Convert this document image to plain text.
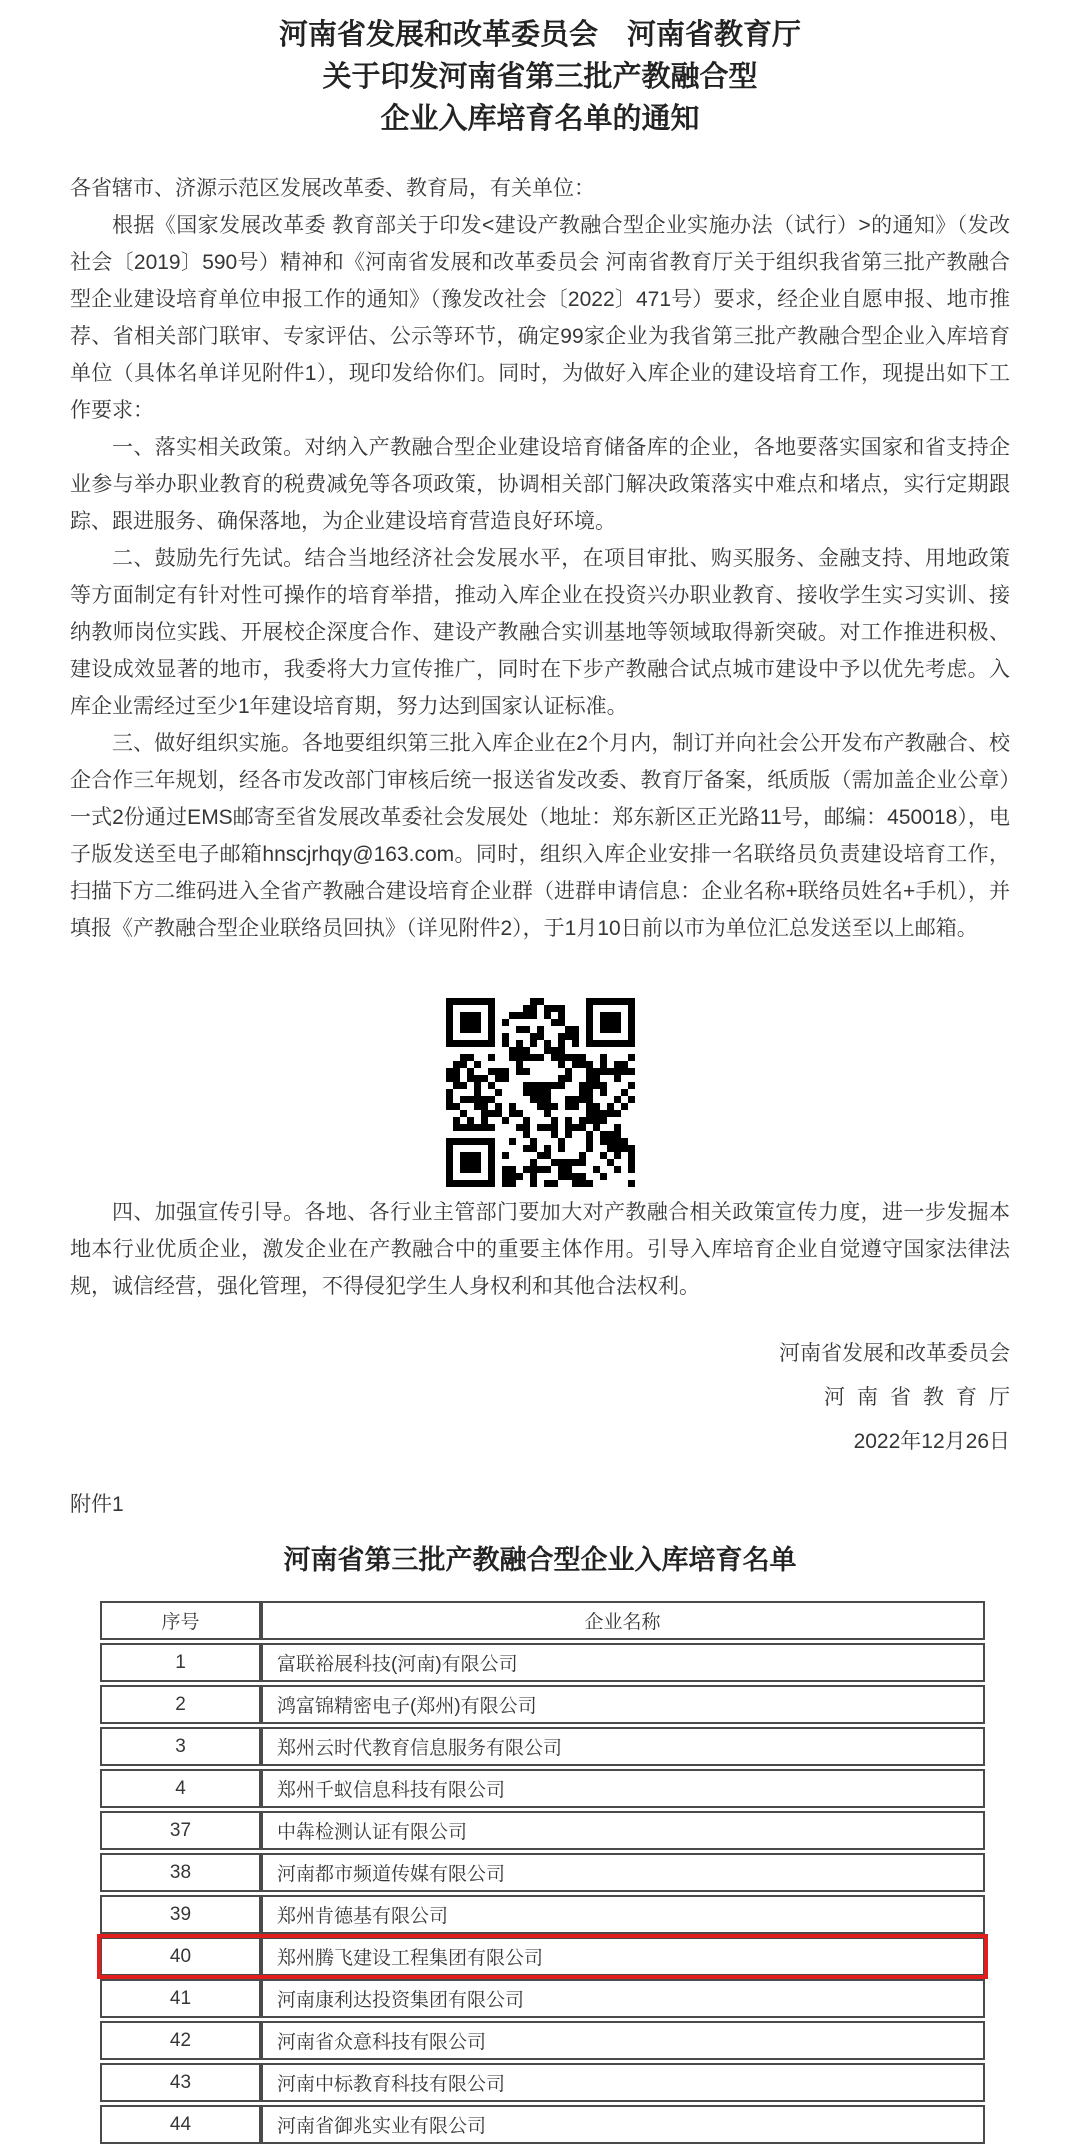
河南省发展和改革委员会　河南省教育厅
关于印发河南省第三批产教融合型
企业入库培育名单的通知

各省辖市、济源示范区发展改革委、教育局，有关单位：

根据《国家发展改革委 教育部关于印发<建设产教融合型企业实施办法（试行）>的通知》（发改社会〔2019〕590号）精神和《河南省发展和改革委员会 河南省教育厅关于组织我省第三批产教融合型企业建设培育单位申报工作的通知》（豫发改社会〔2022〕471号）要求，经企业自愿申报、地市推荐、省相关部门联审、专家评估、公示等环节，确定99家企业为我省第三批产教融合型企业入库培育单位（具体名单详见附件1），现印发给你们。同时，为做好入库企业的建设培育工作，现提出如下工作要求：

一、落实相关政策。对纳入产教融合型企业建设培育储备库的企业，各地要落实国家和省支持企业参与举办职业教育的税费减免等各项政策，协调相关部门解决政策落实中难点和堵点，实行定期跟踪、跟进服务、确保落地，为企业建设培育营造良好环境。

二、鼓励先行先试。结合当地经济社会发展水平，在项目审批、购买服务、金融支持、用地政策等方面制定有针对性可操作的培育举措，推动入库企业在投资兴办职业教育、接收学生实习实训、接纳教师岗位实践、开展校企深度合作、建设产教融合实训基地等领域取得新突破。对工作推进积极、建设成效显著的地市，我委将大力宣传推广，同时在下步产教融合试点城市建设中予以优先考虑。入库企业需经过至少1年建设培育期，努力达到国家认证标准。

三、做好组织实施。各地要组织第三批入库企业在2个月内，制订并向社会公开发布产教融合、校企合作三年规划，经各市发改部门审核后统一报送省发改委、教育厅备案，纸质版（需加盖企业公章）一式2份通过EMS邮寄至省发展改革委社会发展处（地址：郑东新区正光路11号，邮编：450018），电子版发送至电子邮箱hnscjrhqy@163.com。同时，组织入库企业安排一名联络员负责建设培育工作，扫描下方二维码进入全省产教融合建设培育企业群（进群申请信息：企业名称+联络员姓名+手机），并填报《产教融合型企业联络员回执》（详见附件2），于1月10日前以市为单位汇总发送至以上邮箱。

四、加强宣传引导。各地、各行业主管部门要加大对产教融合相关政策宣传力度，进一步发掘本地本行业优质企业，激发企业在产教融合中的重要主体作用。引导入库培育企业自觉遵守国家法律法规，诚信经营，强化管理，不得侵犯学生人身权利和其他合法权利。

河南省发展和改革委员会
河南省教育厅
2022年12月26日
附件1
河南省第三批产教融合型企业入库培育名单
序号	企业名称
1	富联裕展科技(河南)有限公司
2	鸿富锦精密电子(郑州)有限公司
3	郑州云时代教育信息服务有限公司
4	郑州千蚁信息科技有限公司
37	中犇检测认证有限公司
38	河南都市频道传媒有限公司
39	郑州肯德基有限公司
40	郑州腾飞建设工程集团有限公司
41	河南康利达投资集团有限公司
42	河南省众意科技有限公司
43	河南中标教育科技有限公司
44	河南省御兆实业有限公司
